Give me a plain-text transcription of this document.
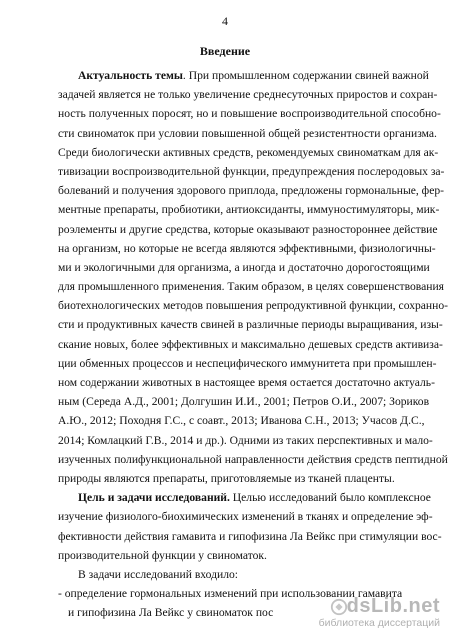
4
Введение
Актуальность темы. При промышленном содержании свиней важной
задачей является не только увеличение среднесуточных приростов и сохран-
ность полученных поросят, но и повышение воспроизводительной способно-
сти свиноматок при условии повышенной общей резистентности организма.
Среди биологически активных средств, рекомендуемых свиноматкам для ак-
тивизации воспроизводительной функции, предупреждения послеродовых за-
болеваний и получения здорового приплода, предложены гормональные, фер-
ментные препараты, пробиотики, антиоксиданты, иммуностимуляторы, мик-
роэлементы и другие средства, которые оказывают разностороннее действие
на организм, но которые не всегда являются эффективными, физиологичны-
ми и экологичными для организма, а иногда и достаточно дорогостоящими
для промышленного применения. Таким образом, в целях совершенствования
биотехнологических методов повышения репродуктивной функции, сохранно-
сти и продуктивных качеств свиней в различные периоды выращивания, изы-
скание новых, более эффективных и максимально дешевых средств активиза-
ции обменных процессов и неспецифического иммунитета при промышлен-
ном содержании животных в настоящее время остается достаточно актуаль-
ным (Середа А.Д., 2001; Долгушин И.И., 2001; Петров О.И., 2007; Зориков
А.Ю., 2012; Походня Г.С., с соавт., 2013; Иванова С.Н., 2013; Учасов Д.С.,
2014; Комлацкий Г.В., 2014 и др.). Одними из таких перспективных и мало-
изученных полифункциональной направленности действия средств пептидной
природы являются препараты, приготовляемые из тканей плаценты.
Цель и задачи исследований. Целью исследований было комплексное
изучение физиолого-биохимических изменений в тканях и определение эф-
фективности действия гамавита и гипофизина Ла Вейкс при стимуляции вос-
производительной функции у свиноматок.
В задачи исследований входило:
- определение гормональных изменений при использовании гамавита
и гипофизина Ла Вейкс у свиноматок пос	dsLib.net
библиотека диссертаций
